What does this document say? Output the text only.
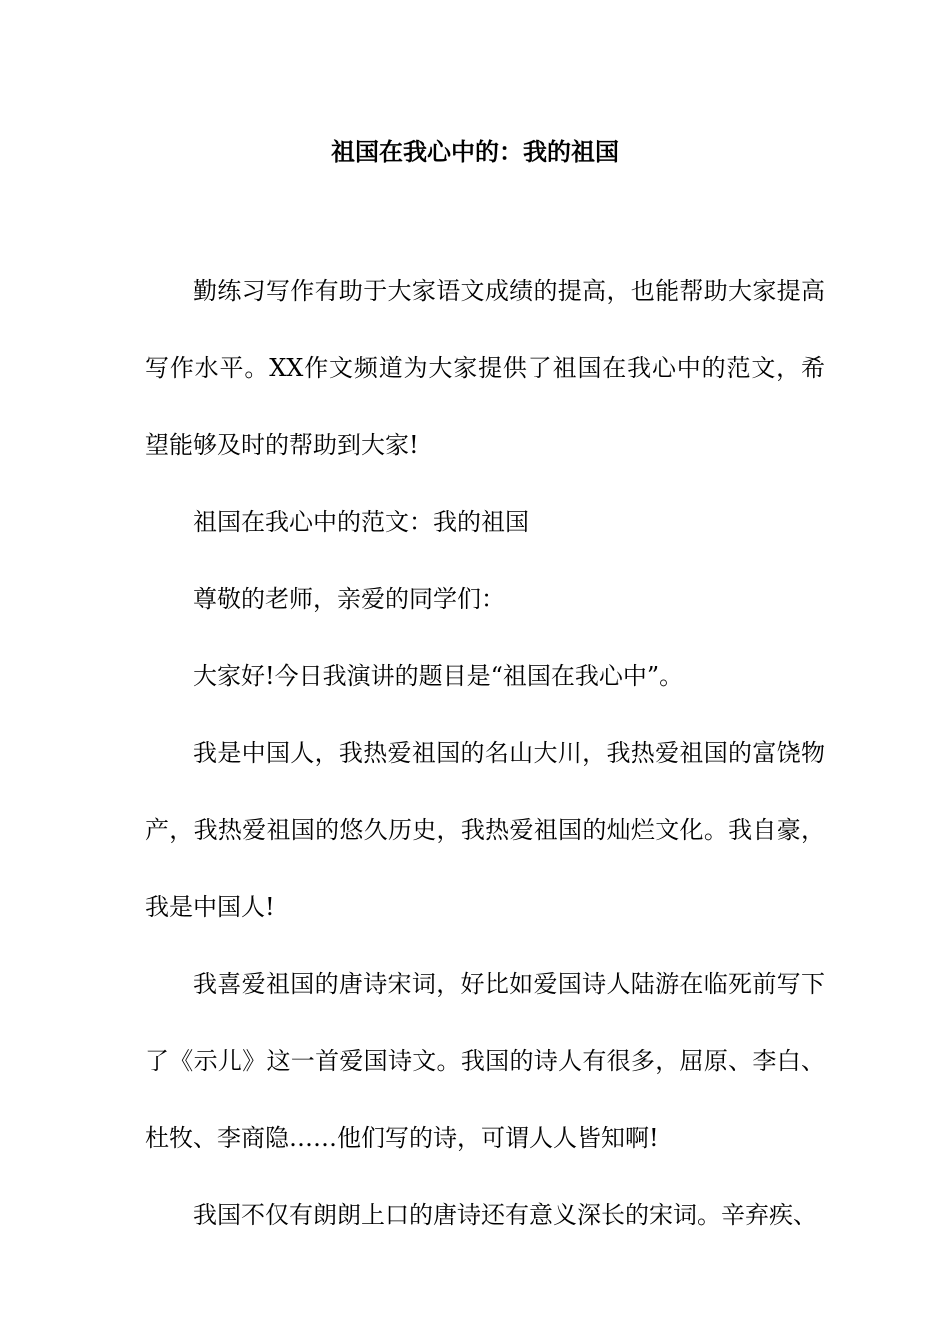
祖国在我心中的：我的祖国

勤练习写作有助于大家语文成绩的提高，也能帮助大家提高写作水平。XX作文频道为大家提供了祖国在我心中的范文，希望能够及时的帮助到大家!

祖国在我心中的范文：我的祖国

尊敬的老师，亲爱的同学们：

大家好!今日我演讲的题目是“祖国在我心中”。

我是中国人，我热爱祖国的名山大川，我热爱祖国的富饶物产，我热爱祖国的悠久历史，我热爱祖国的灿烂文化。我自豪，我是中国人!

我喜爱祖国的唐诗宋词，好比如爱国诗人陆游在临死前写下了《示儿》这一首爱国诗文。我国的诗人有很多，屈原、李白、杜牧、李商隐……他们写的诗，可谓人人皆知啊!

我国不仅有朗朗上口的唐诗还有意义深长的宋词。辛弃疾、
